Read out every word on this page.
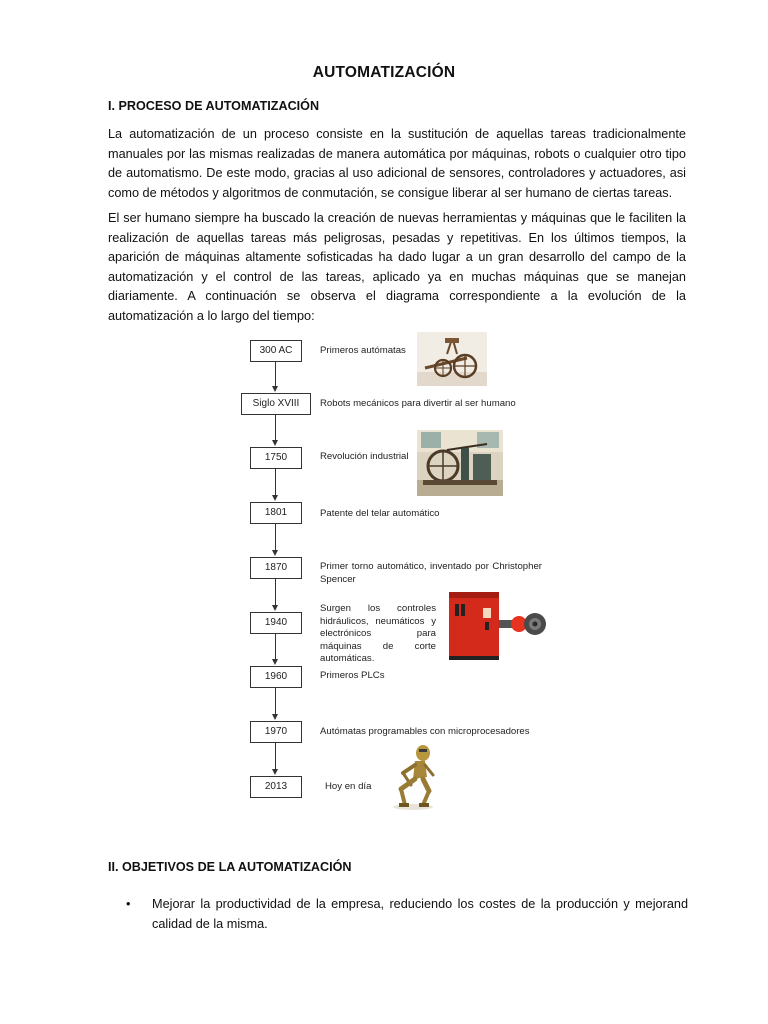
AUTOMATIZACIÓN
I. PROCESO DE AUTOMATIZACIÓN

La automatización de un proceso consiste en la sustitución de aquellas tareas tradicionalmente manuales por las mismas realizadas de manera automática por máquinas, robots o cualquier otro tipo de automatismo. De este modo, gracias al uso adicional de sensores, controladores y actuadores, asi como de métodos y algoritmos de conmutación, se consigue liberar al ser humano de ciertas tareas.

El ser humano siempre ha buscado la creación de nuevas herramientas y máquinas que le faciliten la realización de aquellas tareas más peligrosas, pesadas y repetitivas. En los últimos tiempos, la aparición de máquinas altamente sofisticadas ha dado lugar a un gran desarrollo del campo de la automatización y el control de las tareas, aplicado ya en muchas máquinas que se manejan diariamente. A continuación se observa el diagrama correspondiente a la evolución de la automatización a lo largo del tiempo:

300 AC
Siglo XVIII
1750
1801
1870
1940
1960
1970
2013
Primeros autómatas
Robots mecánicos para divertir al ser humano
Revolución industrial
Patente del telar automático
Primer torno automático, inventado por Christopher Spencer
Surgen los controles hidráulicos, neumáticos y electrónicos para máquinas de corte automáticas.
Primeros PLCs
Autómatas programables con microprocesadores
Hoy en día
II. OBJETIVOS DE LA AUTOMATIZACIÓN
• Mejorar la productividad de la empresa, reduciendo los costes de la producción y mejorand calidad de la misma.
